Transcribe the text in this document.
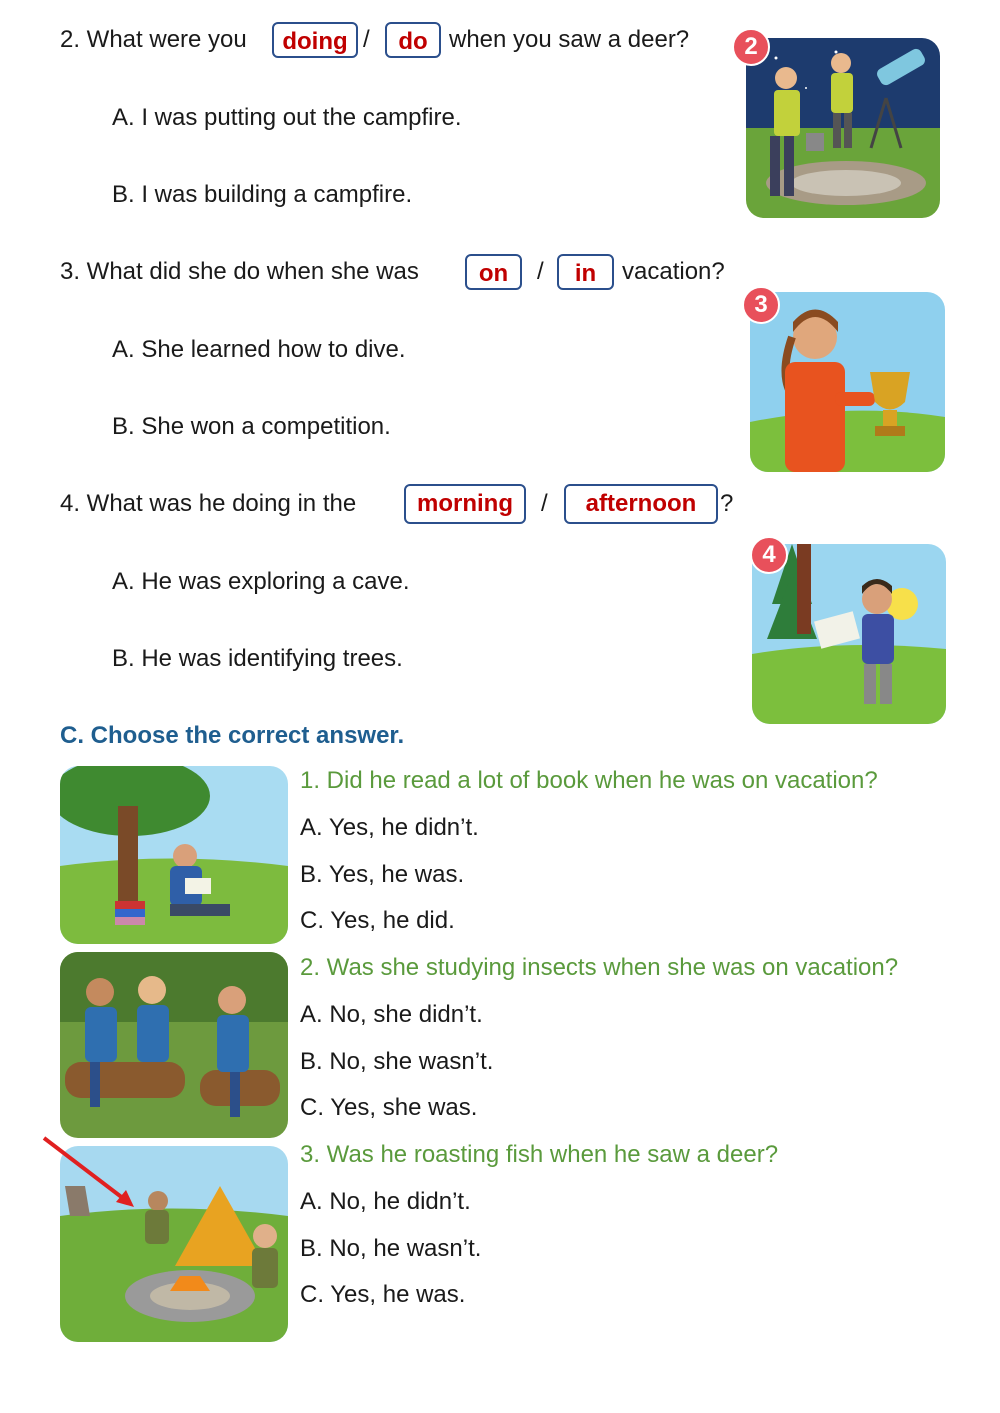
2. What were you	doing /	do when you saw a deer?
A. I was putting out the campfire.
B. I was building a campfire.
2
3. What did she do when she was	on	/	in	vacation?
A. She learned how to dive.
B. She won a competition.
3
4. What was he doing in the	morning	/	afternoon ?
A. He was exploring a cave.
B. He was identifying trees.
4
C. Choose the correct answer.
1. Did he read a lot of book when he was on vacation?
A. Yes, he didn’t.
B. Yes, he was.
C. Yes, he did.
2. Was she studying insects when she was on vacation?
A. No, she didn’t.
B. No, she wasn’t.
C. Yes, she was.
3. Was he roasting fish when he saw a deer?
A. No, he didn’t.
B. No, he wasn’t.
C. Yes, he was.
